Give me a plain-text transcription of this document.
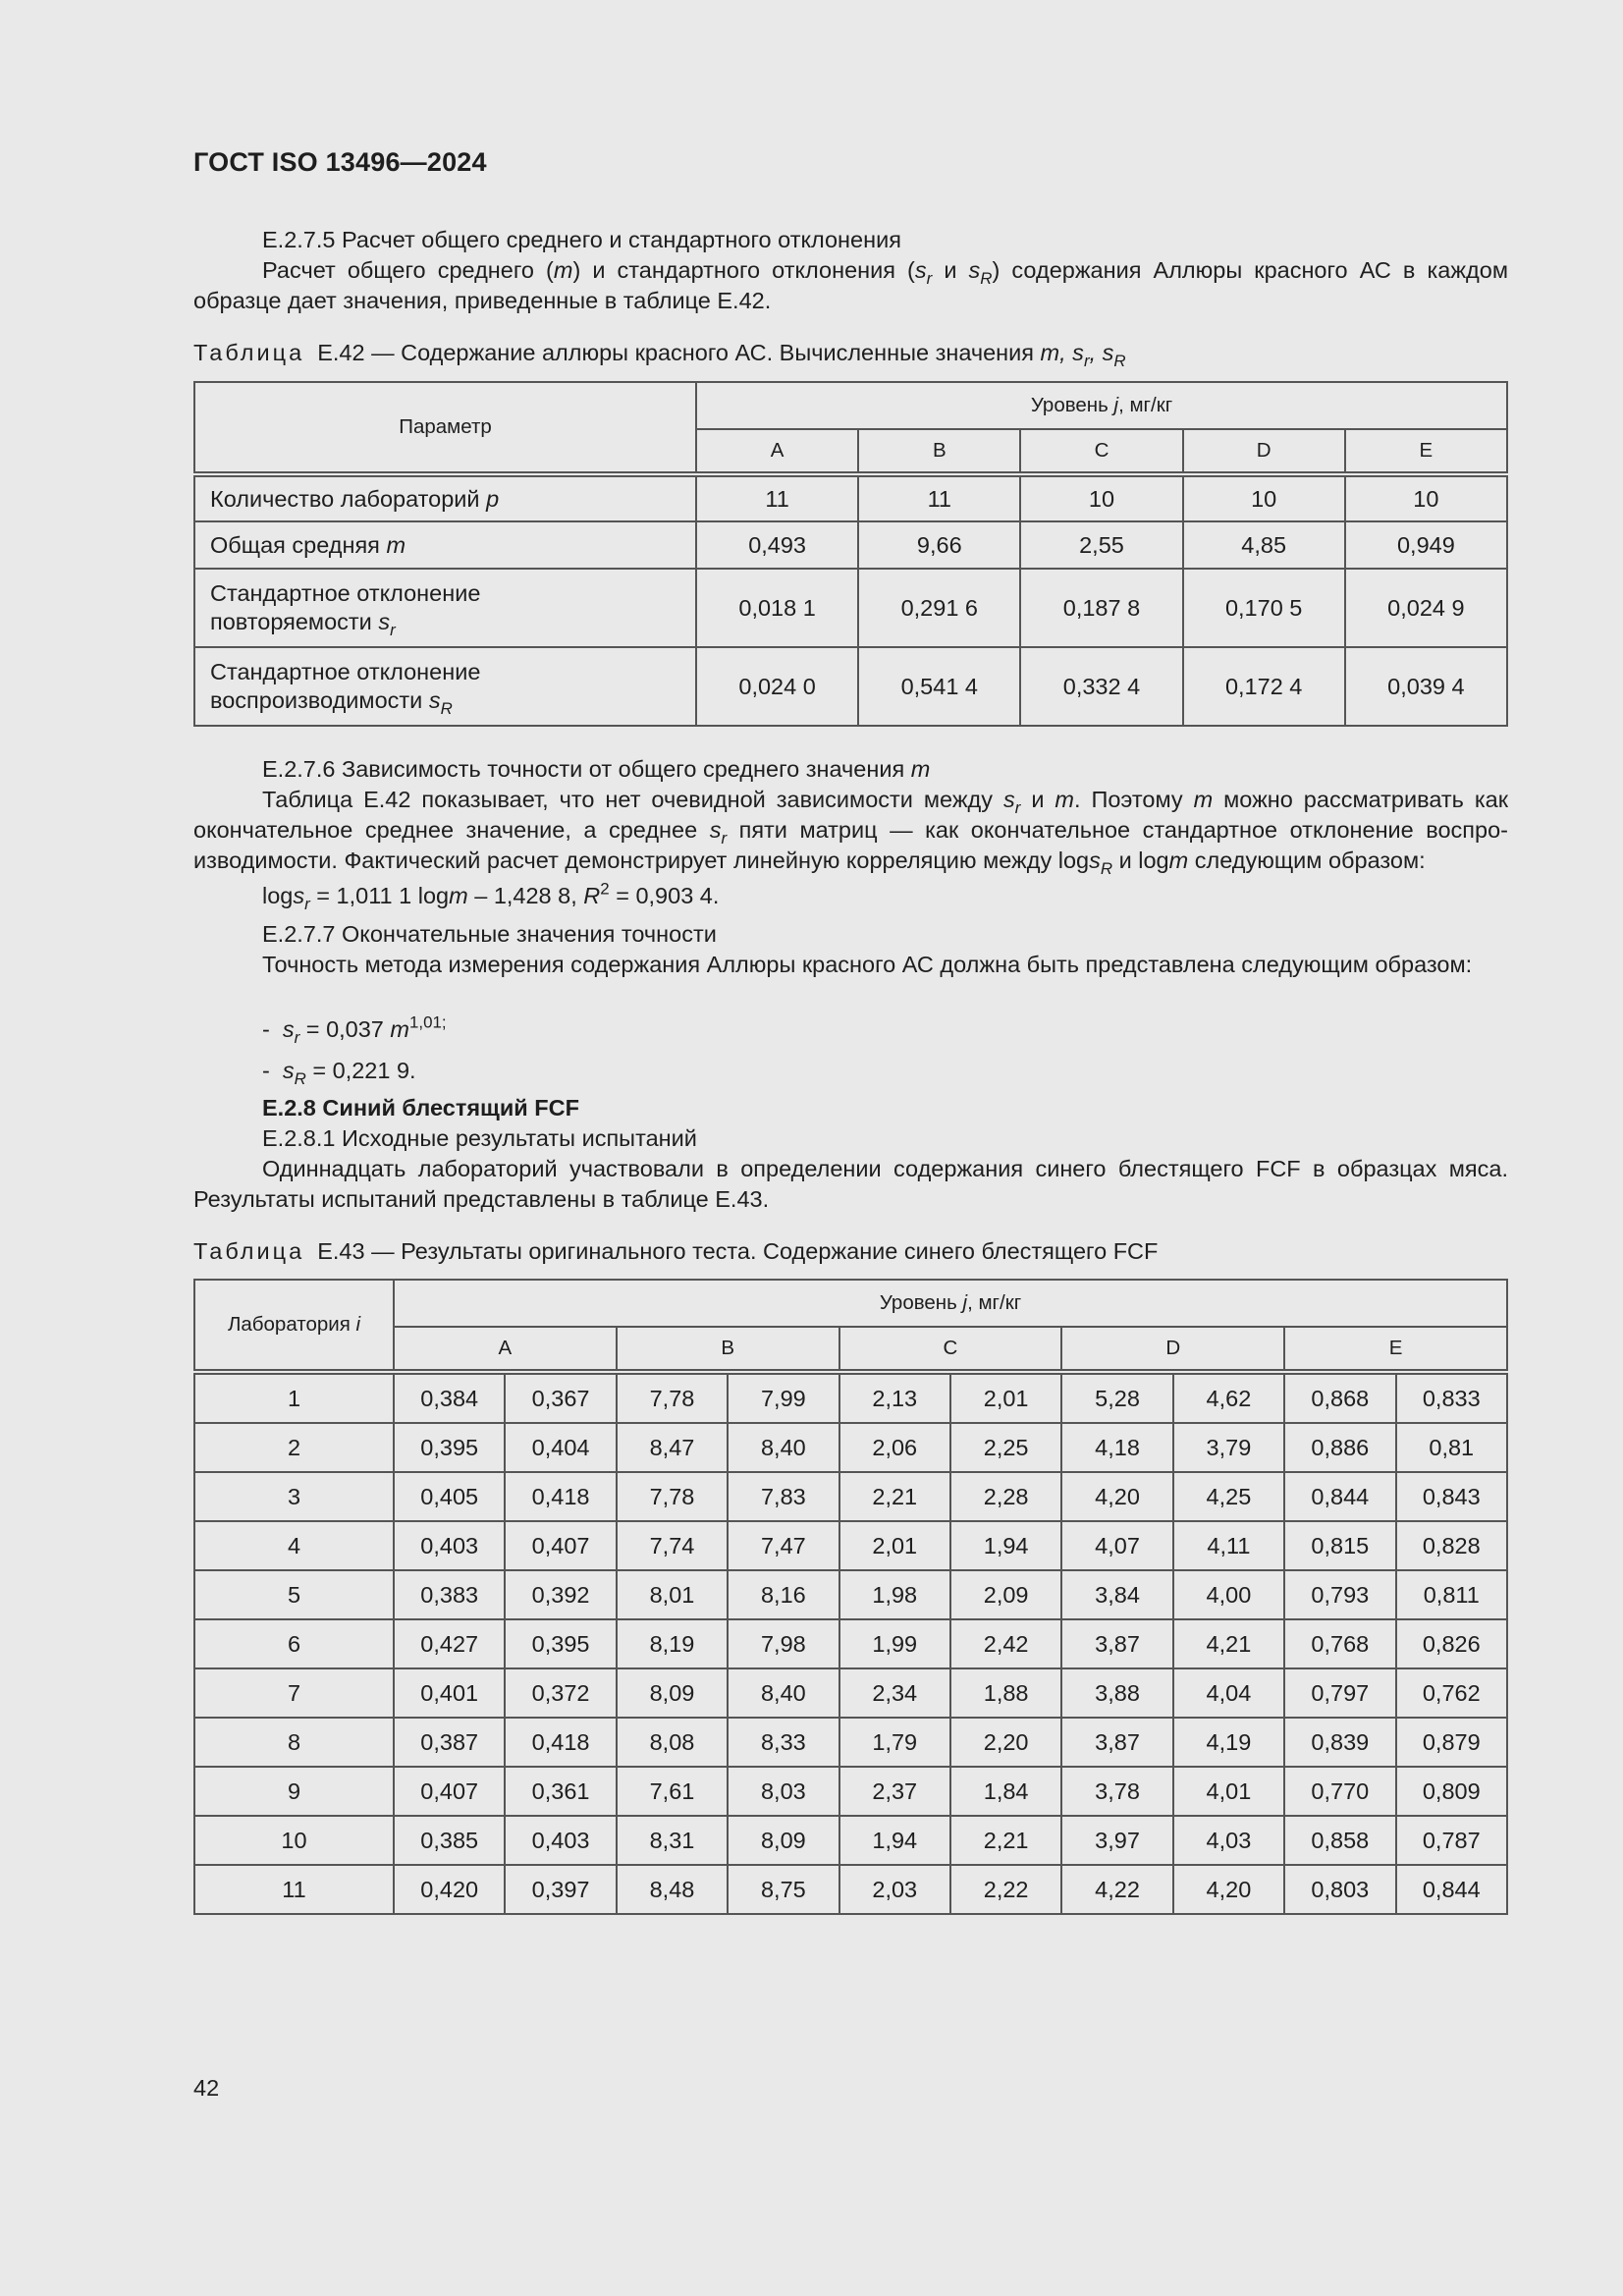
ГОСТ ISO 13496—2024
E.2.7.5 Расчет общего среднего и стандартного отклонения
Расчет общего среднего (m) и стандартного отклонения ($s_r$ и $s_R$) содержания Аллюры красного АС в каждом образце дает значения, приведенные в таблице Е.42.
Таблица Е.42 — Содержание аллюры красного АС. Вычисленные значения m, $s_r$, $s_R$
Параметр	Уровень j, мг/кг				
	A	B	C	D	E
Количество лабораторий p	11	11	10	10	10
Общая средняя m	0,493	9,66	2,55	4,85	0,949
Стандартное отклонение
повторяемости $s_r$	0,018 1	0,291 6	0,187 8	0,170 5	0,024 9
Стандартное отклонение
воспроизводимости $s_R$	0,024 0	0,541 4	0,332 4	0,172 4	0,039 4
E.2.7.6 Зависимость точности от общего среднего значения m
Таблица Е.42 показывает, что нет очевидной зависимости между $s_r$ и m. Поэтому m можно рассматривать как окончательное среднее значение, а среднее $s_r$ пяти матриц — как окончательное стандартное отклонение воспро-изводимости. Фактический расчет демонстрирует линейную корреляцию между logs$_R$ и logm следующим образом:
logs$_r$ = 1,011 1 logm – 1,428 8, $R^2 = 0,903$ 4.
E.2.7.7 Окончательные значения точности
Точность метода измерения содержания Аллюры красного АС должна быть представлена следующим образом:
-  $s_r = 0,037$ $m^{1,01;}$
-  $s_R = 0,221$ 9.
E.2.8 Синий блестящий FCF
E.2.8.1 Исходные результаты испытаний
Одиннадцать лабораторий участвовали в определении содержания синего блестящего FCF в образцах мяса. Результаты испытаний представлены в таблице Е.43.
Таблица Е.43 — Результаты оригинального теста. Содержание синего блестящего FCF
Лаборатория i	Уровень j, мг/кг									
	A		B		C		D		E	
1	0,384	0,367	7,78	7,99	2,13	2,01	5,28	4,62	0,868	0,833
2	0,395	0,404	8,47	8,40	2,06	2,25	4,18	3,79	0,886	0,81
3	0,405	0,418	7,78	7,83	2,21	2,28	4,20	4,25	0,844	0,843
4	0,403	0,407	7,74	7,47	2,01	1,94	4,07	4,11	0,815	0,828
5	0,383	0,392	8,01	8,16	1,98	2,09	3,84	4,00	0,793	0,811
6	0,427	0,395	8,19	7,98	1,99	2,42	3,87	4,21	0,768	0,826
7	0,401	0,372	8,09	8,40	2,34	1,88	3,88	4,04	0,797	0,762
8	0,387	0,418	8,08	8,33	1,79	2,20	3,87	4,19	0,839	0,879
9	0,407	0,361	7,61	8,03	2,37	1,84	3,78	4,01	0,770	0,809
10	0,385	0,403	8,31	8,09	1,94	2,21	3,97	4,03	0,858	0,787
11	0,420	0,397	8,48	8,75	2,03	2,22	4,22	4,20	0,803	0,844
42
